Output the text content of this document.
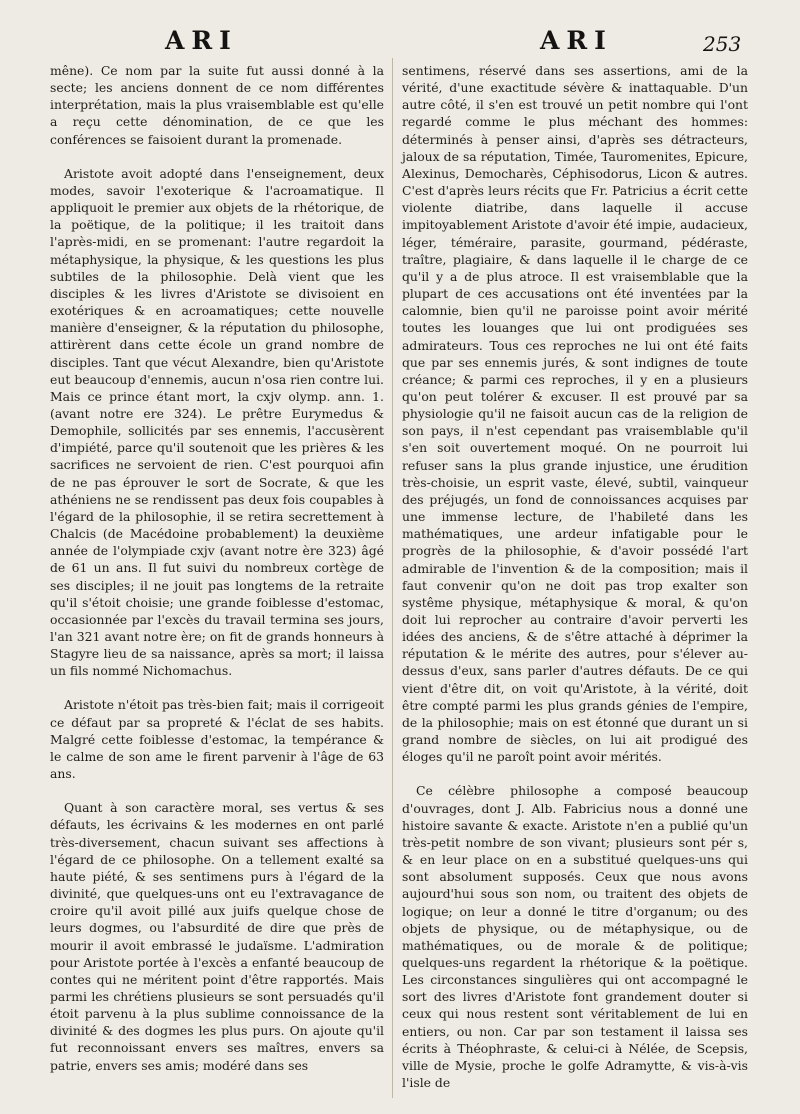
ARI	ARI	253

mêne). Ce nom par la suite fut aussi donné à la secte; les anciens donnent de ce nom différentes interprétation, mais la plus vraisemblable est qu'elle a reçu cette dénomination, de ce que les conférences se faisoient durant la promenade.

Aristote avoit adopté dans l'enseignement, deux modes, savoir l'exoterique & l'acroamatique. Il appliquoit le premier aux objets de la rhétorique, de la poëtique, de la politique; il les traitoit dans l'après-midi, en se promenant: l'autre regardoit la métaphysique, la physique, & les questions les plus subtiles de la philosophie. Delà vient que les disciples & les livres d'Aristote se divisoient en exotériques & en acroamatiques; cette nouvelle manière d'enseigner, & la réputation du philosophe, attirèrent dans cette école un grand nombre de disciples. Tant que vécut Alexandre, bien qu'Aristote eut beaucoup d'ennemis, aucun n'osa rien contre lui. Mais ce prince étant mort, la cxjv olymp. ann. 1. (avant notre ere 324). Le prêtre Eurymedus & Demophile, sollicités par ses ennemis, l'accusèrent d'impiété, parce qu'il soutenoit que les prières & les sacrifices ne servoient de rien. C'est pourquoi afin de ne pas éprouver le sort de Socrate, & que les athéniens ne se rendissent pas deux fois coupables à l'égard de la philosophie, il se retira secrettement à Chalcis (de Macédoine probablement) la deuxième année de l'olympiade cxjv (avant notre ère 323) âgé de 61 un ans. Il fut suivi du nombreux cortège de ses disciples; il ne jouit pas longtems de la retraite qu'il s'étoit choisie; une grande foiblesse d'estomac, occasionnée par l'excès du travail termina ses jours, l'an 321 avant notre ère; on fit de grands honneurs à Stagyre lieu de sa naissance, après sa mort; il laissa un fils nommé Nichomachus.

Aristote n'étoit pas très-bien fait; mais il corrigeoit ce défaut par sa propreté & l'éclat de ses habits. Malgré cette foiblesse d'estomac, la tempérance & le calme de son ame le firent parvenir à l'âge de 63 ans.

Quant à son caractère moral, ses vertus & ses défauts, les écrivains & les modernes en ont parlé très-diversement, chacun suivant ses affections à l'égard de ce philosophe. On a tellement exalté sa haute piété, & ses sentimens purs à l'égard de la divinité, que quelques-uns ont eu l'extravagance de croire qu'il avoit pillé aux juifs quelque chose de leurs dogmes, ou l'absurdité de dire que près de mourir il avoit embrassé le judaïsme. L'admiration pour Aristote portée à l'excès a enfanté beaucoup de contes qui ne méritent point d'être rapportés. Mais parmi les chrétiens plusieurs se sont persuadés qu'il étoit parvenu à la plus sublime connoissance de la divinité & des dogmes les plus purs. On ajoute qu'il fut reconnoissant envers ses maîtres, envers sa patrie, envers ses amis; modéré dans ses

sentimens, réservé dans ses assertions, ami de la vérité, d'une exactitude sévère & inattaquable. D'un autre côté, il s'en est trouvé un petit nombre qui l'ont regardé comme le plus méchant des hommes: déterminés à penser ainsi, d'après ses détracteurs, jaloux de sa réputation, Timée, Tauromenites, Epicure, Alexinus, Democharès, Céphisodorus, Licon & autres. C'est d'après leurs récits que Fr. Patricius a écrit cette violente diatribe, dans laquelle il accuse impitoyablement Aristote d'avoir été impie, audacieux, léger, téméraire, parasite, gourmand, pédéraste, traître, plagiaire, & dans laquelle il le charge de ce qu'il y a de plus atroce. Il est vraisemblable que la plupart de ces accusations ont été inventées par la calomnie, bien qu'il ne paroisse point avoir mérité toutes les louanges que lui ont prodiguées ses admirateurs. Tous ces reproches ne lui ont été faits que par ses ennemis jurés, & sont indignes de toute créance; & parmi ces reproches, il y en a plusieurs qu'on peut tolérer & excuser. Il est prouvé par sa physiologie qu'il ne faisoit aucun cas de la religion de son pays, il n'est cependant pas vraisemblable qu'il s'en soit ouvertement moqué. On ne pourroit lui refuser sans la plus grande injustice, une érudition très-choisie, un esprit vaste, élevé, subtil, vainqueur des préjugés, un fond de connoissances acquises par une immense lecture, de l'habileté dans les mathématiques, une ardeur infatigable pour le progrès de la philosophie, & d'avoir possédé l'art admirable de l'invention & de la composition; mais il faut convenir qu'on ne doit pas trop exalter son systême physique, métaphysique & moral, & qu'on doit lui reprocher au contraire d'avoir perverti les idées des anciens, & de s'être attaché à déprimer la réputation & le mérite des autres, pour s'élever au-dessus d'eux, sans parler d'autres défauts. De ce qui vient d'être dit, on voit qu'Aristote, à la vérité, doit être compté parmi les plus grands génies de l'empire, de la philosophie; mais on est étonné que durant un si grand nombre de siècles, on lui ait prodigué des éloges qu'il ne paroît point avoir mérités.

Ce célèbre philosophe a composé beaucoup d'ouvrages, dont J. Alb. Fabricius nous a donné une histoire savante & exacte. Aristote n'en a publié qu'un très-petit nombre de son vivant; plusieurs sont pér s, & en leur place on en a substitué quelques-uns qui sont absolument supposés. Ceux que nous avons aujourd'hui sous son nom, ou traitent des objets de logique; on leur a donné le titre d'organum; ou des objets de physique, ou de métaphysique, ou de mathématiques, ou de morale & de politique; quelques-uns regardent la rhétorique & la poëtique. Les circonstances singulières qui ont accompagné le sort des livres d'Aristote font grandement douter si ceux qui nous restent sont véritablement de lui en entiers, ou non. Car par son testament il laissa ses écrits à Théophraste, & celui-ci à Nélée, de Scepsis, ville de Mysie, proche le golfe Adramytte, & vis-à-vis l'isle de
